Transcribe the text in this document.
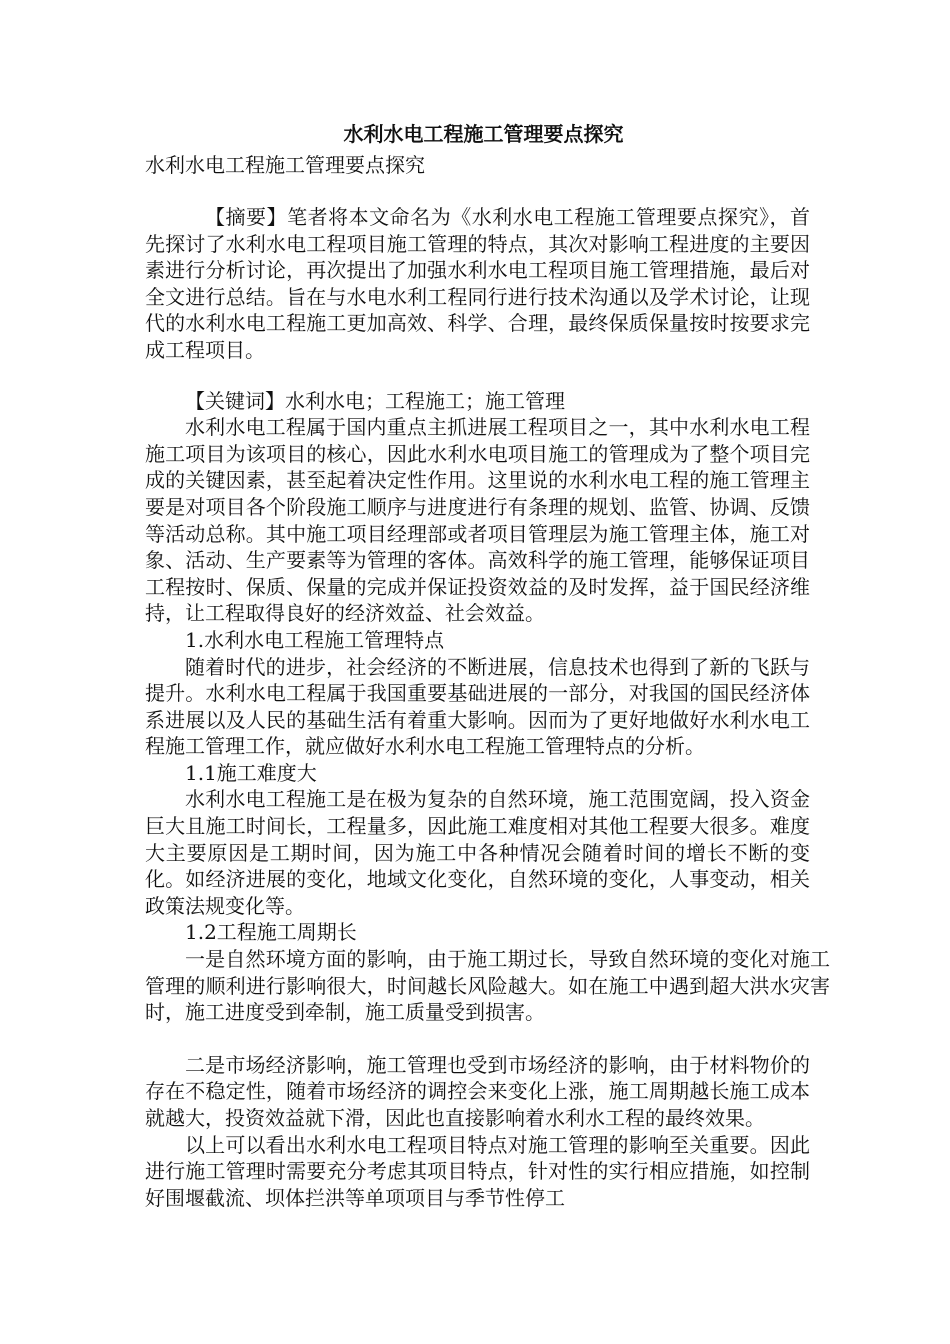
水利水电工程施工管理要点探究

水利水电工程施工管理要点探究

【摘要】笔者将本文命名为《水利水电工程施工管理要点探究》，首先探讨了水利水电工程项目施工管理的特点，其次对影响工程进度的主要因素进行分析讨论，再次提出了加强水利水电工程项目施工管理措施，最后对全文进行总结。旨在与水电水利工程同行进行技术沟通以及学术讨论，让现代的水利水电工程施工更加高效、科学、合理，最终保质保量按时按要求完成工程项目。

【关键词】水利水电；工程施工；施工管理

水利水电工程属于国内重点主抓进展工程项目之一，其中水利水电工程施工项目为该项目的核心，因此水利水电项目施工的管理成为了整个项目完成的关键因素，甚至起着决定性作用。这里说的水利水电工程的施工管理主要是对项目各个阶段施工顺序与进度进行有条理的规划、监管、协调、反馈等活动总称。其中施工项目经理部或者项目管理层为施工管理主体，施工对象、活动、生产要素等为管理的客体。高效科学的施工管理，能够保证项目工程按时、保质、保量的完成并保证投资效益的及时发挥，益于国民经济维持，让工程取得良好的经济效益、社会效益。

1.水利水电工程施工管理特点

随着时代的进步，社会经济的不断进展，信息技术也得到了新的飞跃与提升。水利水电工程属于我国重要基础进展的一部分，对我国的国民经济体系进展以及人民的基础生活有着重大影响。因而为了更好地做好水利水电工程施工管理工作，就应做好水利水电工程施工管理特点的分析。

1.1施工难度大

水利水电工程施工是在极为复杂的自然环境，施工范围宽阔，投入资金巨大且施工时间长，工程量多，因此施工难度相对其他工程要大很多。难度大主要原因是工期时间，因为施工中各种情况会随着时间的增长不断的变化。如经济进展的变化，地域文化变化，自然环境的变化，人事变动，相关政策法规变化等。

1.2工程施工周期长

一是自然环境方面的影响，由于施工期过长，导致自然环境的变化对施工管理的顺利进行影响很大，时间越长风险越大。如在施工中遇到超大洪水灾害时，施工进度受到牵制，施工质量受到损害。

二是市场经济影响，施工管理也受到市场经济的影响，由于材料物价的存在不稳定性，随着市场经济的调控会来变化上涨，施工周期越长施工成本就越大，投资效益就下滑，因此也直接影响着水利水工程的最终效果。

以上可以看出水利水电工程项目特点对施工管理的影响至关重要。因此进行施工管理时需要充分考虑其项目特点，针对性的实行相应措施，如控制好围堰截流、坝体拦洪等单项项目与季节性停工
